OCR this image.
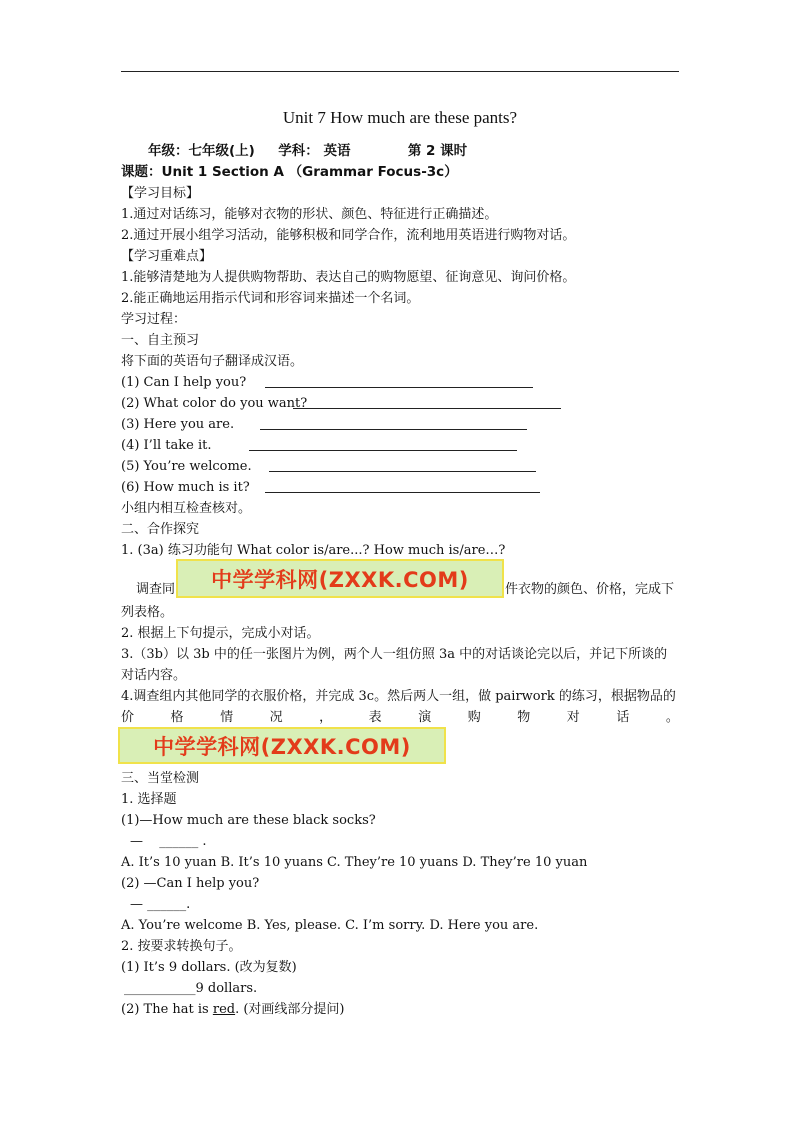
Unit 7 How much are these pants?
年级：七年级(上) 学科： 英语	第 2 课时
课题：Unit 1 Section A （Grammar Focus-3c）
【学习目标】
1.通过对话练习，能够对衣物的形状、颜色、特征进行正确描述。
2.通过开展小组学习活动，能够积极和同学合作，流利地用英语进行购物对话。
【学习重难点】
1.能够清楚地为人提供购物帮助、表达自己的购物愿望、征询意见、询问价格。
2.能正确地运用指示代词和形容词来描述一个名词。
学习过程：
一、自主预习
将下面的英语句子翻译成汉语。
(1) Can I help you?
(2) What color do you want?
(3) Here you are.
(4) I’ll take it.
(5) You’re welcome.
(6) How much is it?
小组内相互检查核对。
二、合作探究
1. (3a) 练习功能句 What color is/are...? How much is/are…?
调查同 中学学科网(ZXXK.COM)	件衣物的颜色、价格，完成下
列表格。
2. 根据上下句提示，完成小对话。
3.（3b）以 3b 中的任一张图片为例，两个人一组仿照 3a 中的对话谈论完以后，并记下所谈的
对话内容。
4.调查组内其他同学的衣服价格，并完成 3c。然后两人一组，做 pairwork 的练习，根据物品的
价	格	情	况	，	表	演	购	物	对	话	。
中学学科网(ZXXK.COM)
三、当堂检测
1. 选择题
(1)—How much are these black socks?
— ______ .
A. It’s 10 yuan B. It’s 10 yuans C. They’re 10 yuans D. They’re 10 yuan
(2) —Can I help you?
— ______.
A. You’re welcome B. Yes, please. C. I’m sorry. D. Here you are.
2. 按要求转换句子。
(1) It’s 9 dollars. (改为复数)
___________9 dollars.
(2) The hat is red. (对画线部分提问)
